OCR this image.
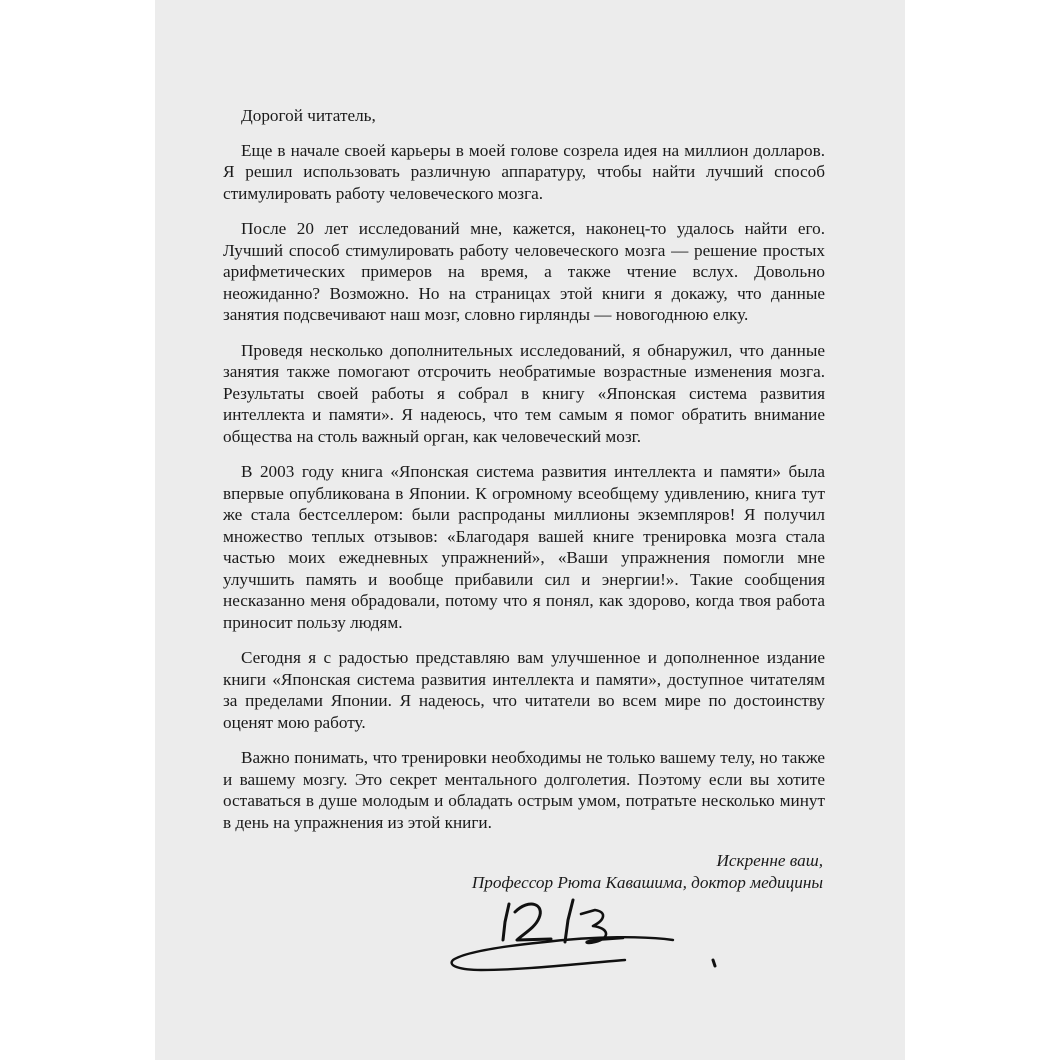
Дорогой читатель,

Еще в начале своей карьеры в моей голове созрела идея на миллион долларов. Я решил использовать различную аппаратуру, чтобы найти лучший способ стимулировать работу человеческого мозга.

После 20 лет исследований мне, кажется, наконец-то удалось найти его. Лучший способ стимулировать работу человеческого мозга — решение простых арифметических примеров на время, а также чтение вслух. Довольно неожиданно? Возможно. Но на страницах этой книги я докажу, что данные занятия подсвечивают наш мозг, словно гирлянды — новогоднюю елку.

Проведя несколько дополнительных исследований, я обнаружил, что данные занятия также помогают отсрочить необратимые возрастные изменения мозга. Результаты своей работы я собрал в книгу «Японская система развития интеллекта и памяти». Я надеюсь, что тем самым я помог обратить внимание общества на столь важный орган, как человеческий мозг.

В 2003 году книга «Японская система развития интеллекта и памяти» была впервые опубликована в Японии. К огромному всеобщему удивлению, книга тут же стала бестселлером: были распроданы миллионы экземпляров! Я получил множество теплых отзывов: «Благодаря вашей книге тренировка мозга стала частью моих ежедневных упражнений», «Ваши упражнения помогли мне улучшить память и вообще прибавили сил и энергии!». Такие сообщения несказанно меня обрадовали, потому что я понял, как здорово, когда твоя работа приносит пользу людям.

Сегодня я с радостью представляю вам улучшенное и дополненное издание книги «Японская система развития интеллекта и памяти», доступное читателям за пределами Японии. Я надеюсь, что читатели во всем мире по достоинству оценят мою работу.

Важно понимать, что тренировки необходимы не только вашему телу, но также и вашему мозгу. Это секрет ментального долголетия. Поэтому если вы хотите оставаться в душе молодым и обладать острым умом, потратьте несколько минут в день на упражнения из этой книги.

Искренне ваш,
Профессор Рюта Кавашима, доктор медицины
